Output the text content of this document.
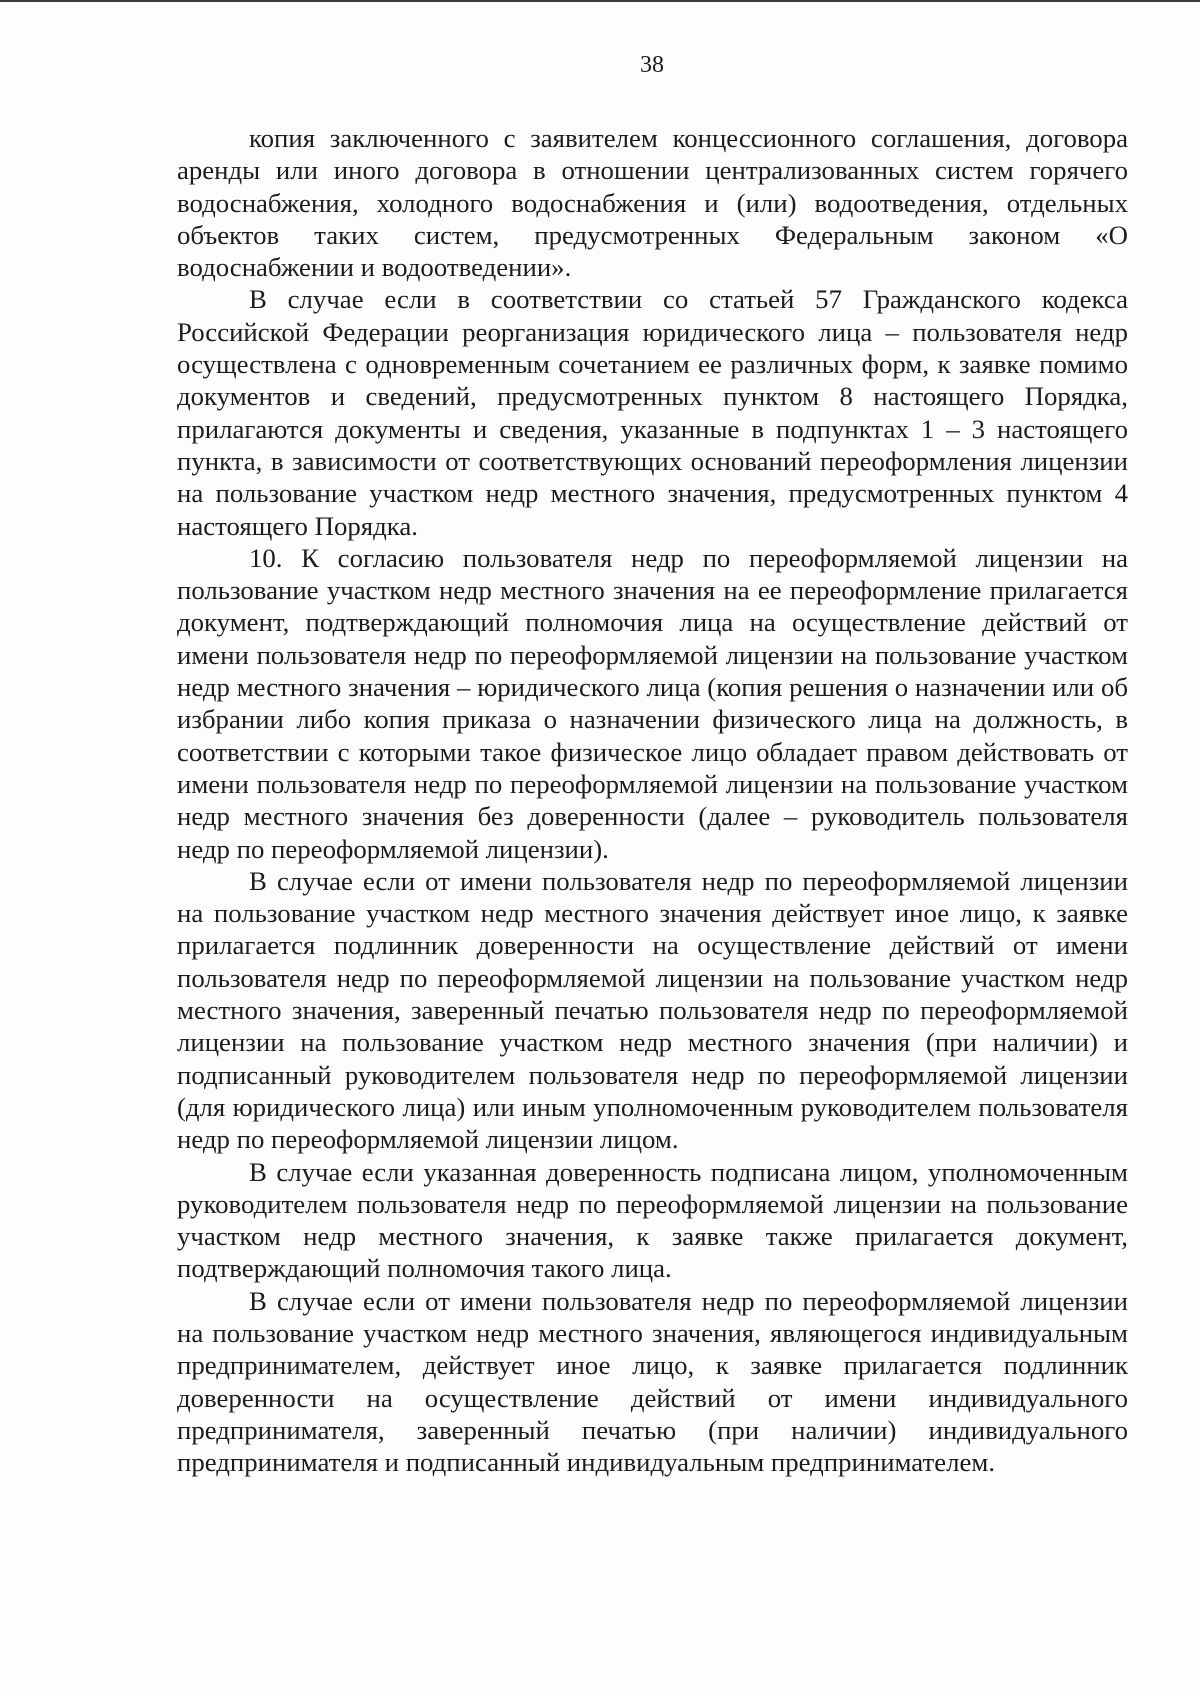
38

копия заключенного с заявителем концессионного соглашения, договора аренды или иного договора в отношении централизованных систем горячего водоснабжения, холодного водоснабжения и (или) водоотведения, отдельных объектов таких систем, предусмотренных Федеральным законом «О водоснабжении и водоотведении».

В случае если в соответствии со статьей 57 Гражданского кодекса Российской Федерации реорганизация юридического лица – пользователя недр осуществлена с одновременным сочетанием ее различных форм, к заявке помимо документов и сведений, предусмотренных пунктом 8 настоящего Порядка, прилагаются документы и сведения, указанные в подпунктах 1 – 3 настоящего пункта, в зависимости от соответствующих оснований переоформления лицензии на пользование участком недр местного значения, предусмотренных пунктом 4 настоящего Порядка.

10. К согласию пользователя недр по переоформляемой лицензии на пользование участком недр местного значения на ее переоформление прилагается документ, подтверждающий полномочия лица на осуществление действий от имени пользователя недр по переоформляемой лицензии на пользование участком недр местного значения – юридического лица (копия решения о назначении или об избрании либо копия приказа о назначении физического лица на должность, в соответствии с которыми такое физическое лицо обладает правом действовать от имени пользователя недр по переоформляемой лицензии на пользование участком недр местного значения без доверенности (далее – руководитель пользователя недр по переоформляемой лицензии).

В случае если от имени пользователя недр по переоформляемой лицензии на пользование участком недр местного значения действует иное лицо, к заявке прилагается подлинник доверенности на осуществление действий от имени пользователя недр по переоформляемой лицензии на пользование участком недр местного значения, заверенный печатью пользователя недр по переоформляемой лицензии на пользование участком недр местного значения (при наличии) и подписанный руководителем пользователя недр по переоформляемой лицензии (для юридического лица) или иным уполномоченным руководителем пользователя недр по переоформляемой лицензии лицом.

В случае если указанная доверенность подписана лицом, уполномоченным руководителем пользователя недр по переоформляемой лицензии на пользование участком недр местного значения, к заявке также прилагается документ, подтверждающий полномочия такого лица.

В случае если от имени пользователя недр по переоформляемой лицензии на пользование участком недр местного значения, являющегося индивидуальным предпринимателем, действует иное лицо, к заявке прилагается подлинник доверенности на осуществление действий от имени индивидуального предпринимателя, заверенный печатью (при наличии) индивидуального предпринимателя и подписанный индивидуальным предпринимателем.
